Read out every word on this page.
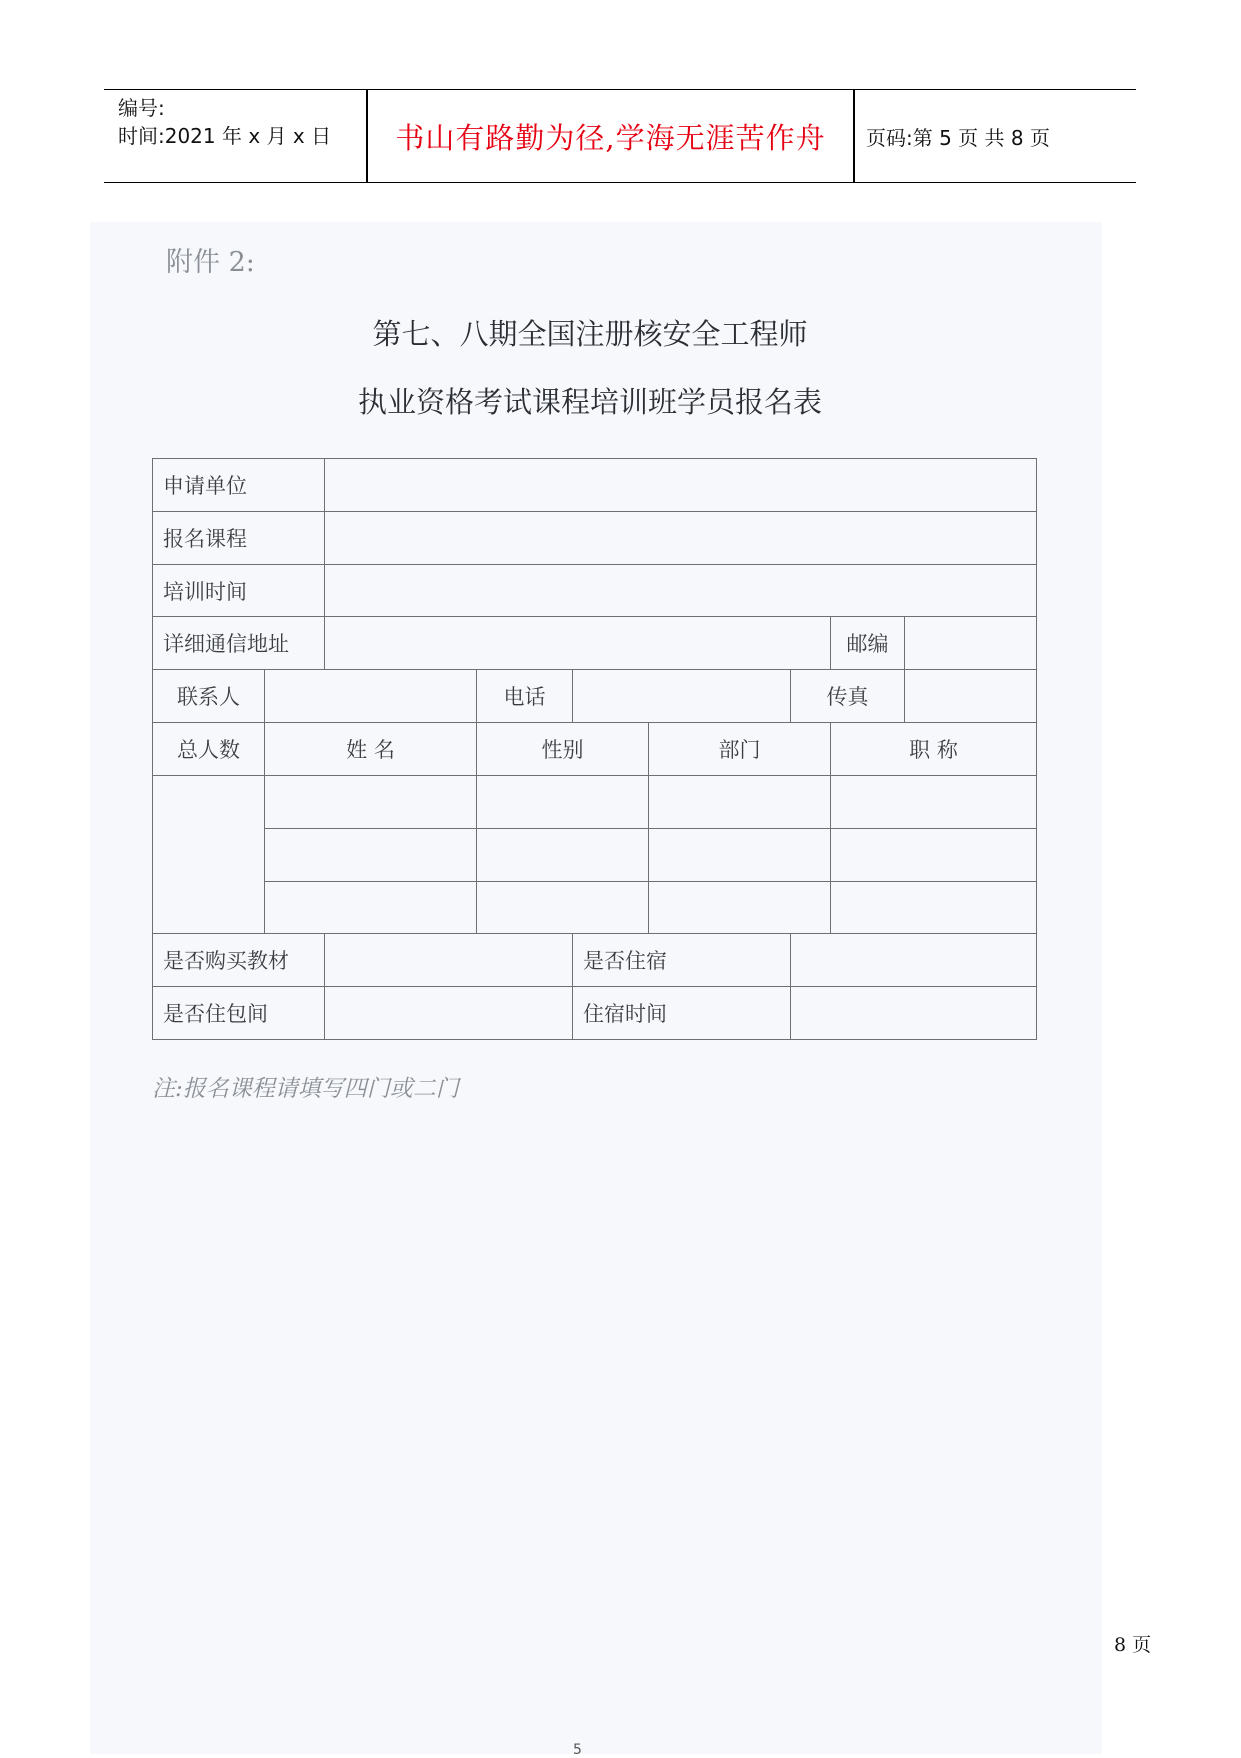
编号:
时间:2021 年 x 月 x 日	书山有路勤为径,学海无涯苦作舟	页码:第 5 页 共 8 页
附件 2:
第七、八期全国注册核安全工程师
执业资格考试课程培训班学员报名表
申请单位								
报名课程								
培训时间								
详细通信地址							邮编	
联系人			电话			传真		
总人数	姓 名		性别		部门		职 称	

是否购买教材				是否住宿				
是否住包间				住宿时间				
注:报名课程请填写四门或二门
5
8 页
